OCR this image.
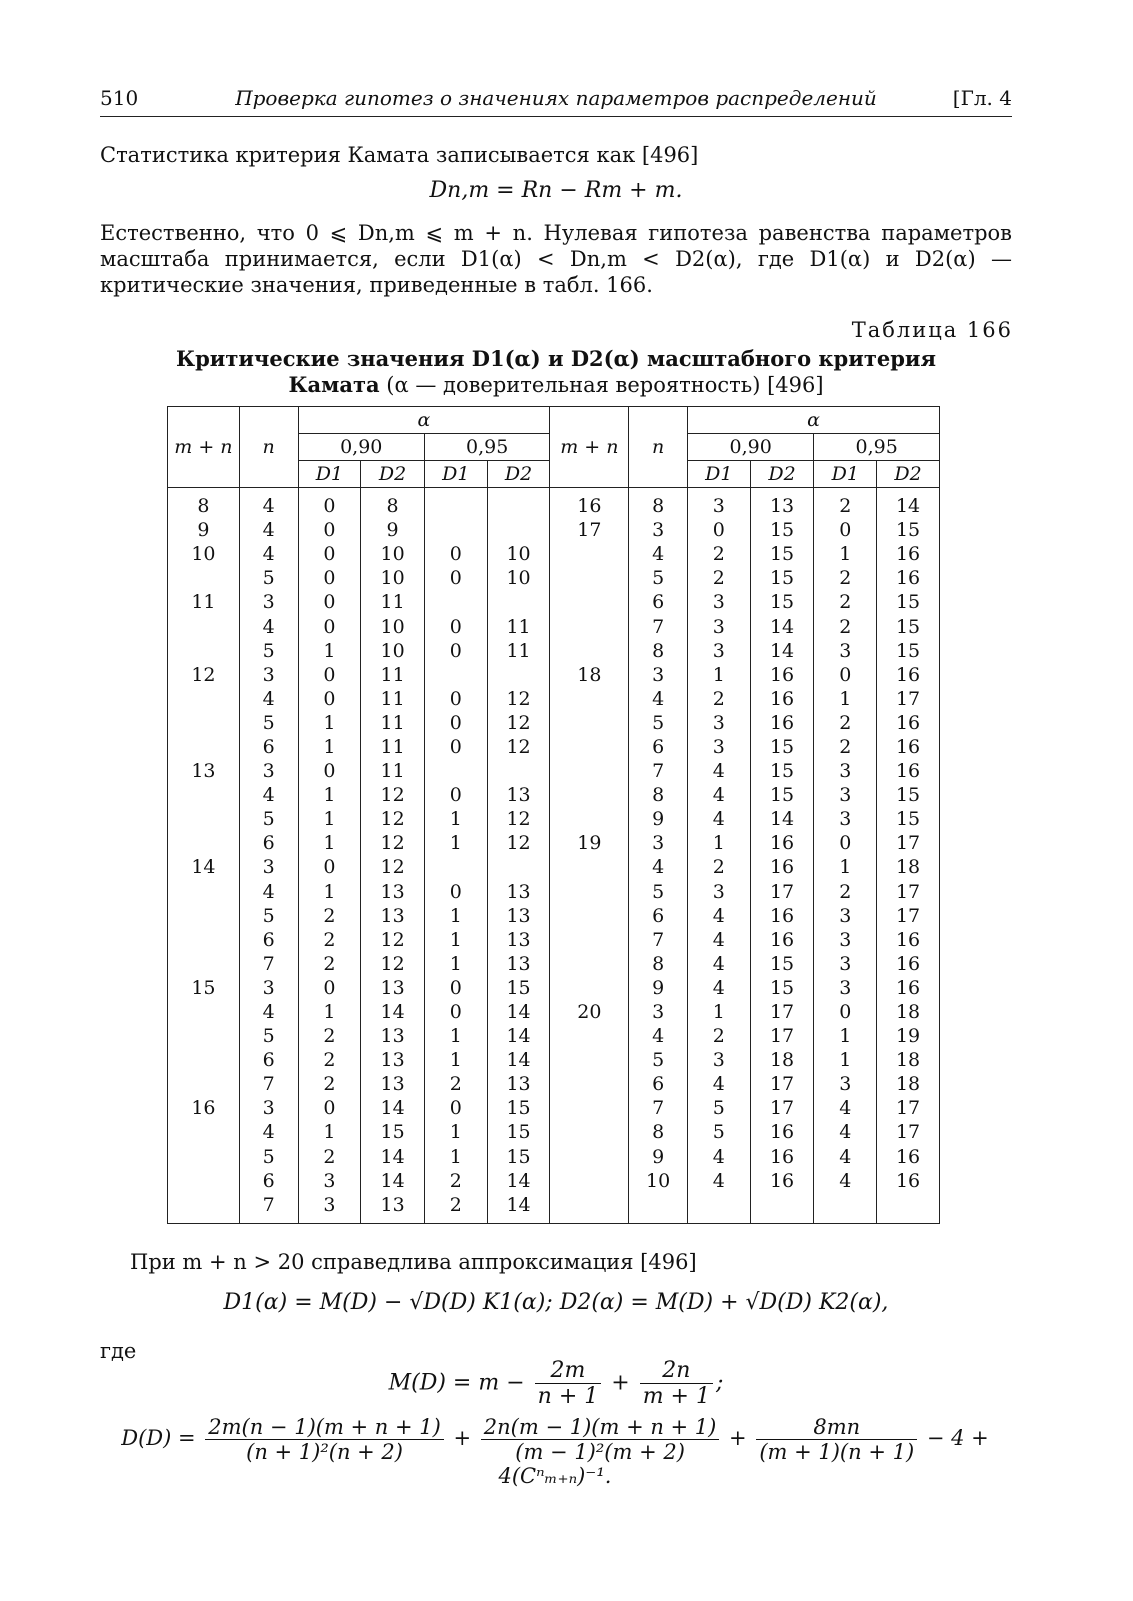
510	Проверка гипотез о значениях параметров распределений	[Гл. 4
Статистика критерия Камата записывается как [496]
Dn,m = Rn − Rm + m.
Естественно, что 0 ⩽ Dn,m ⩽ m + n. Нулевая гипотеза равенства параметров масштаба принимается, если D1(α) < Dn,m < D2(α), где D1(α) и D2(α) — критические значения, приведенные в табл. 166.
Таблица 166
Критические значения D1(α) и D2(α) масштабного критерия
Камата (α — доверительная вероятность) [496]
m + n	n	α				m + n	n	α			
		0,90		0,95				0,90		0,95	
		D1	D2	D1	D2			D1	D2	D1	D2
8	4	0	8			16	8	3	13	2	14
9	4	0	9			17	3	0	15	0	15
10	4	0	10	0	10		4	2	15	1	16
	5	0	10	0	10		5	2	15	2	16
11	3	0	11				6	3	15	2	15
	4	0	10	0	11		7	3	14	2	15
	5	1	10	0	11		8	3	14	3	15
12	3	0	11			18	3	1	16	0	16
	4	0	11	0	12		4	2	16	1	17
	5	1	11	0	12		5	3	16	2	16
	6	1	11	0	12		6	3	15	2	16
13	3	0	11				7	4	15	3	16
	4	1	12	0	13		8	4	15	3	15
	5	1	12	1	12		9	4	14	3	15
	6	1	12	1	12	19	3	1	16	0	17
14	3	0	12				4	2	16	1	18
	4	1	13	0	13		5	3	17	2	17
	5	2	13	1	13		6	4	16	3	17
	6	2	12	1	13		7	4	16	3	16
	7	2	12	1	13		8	4	15	3	16
15	3	0	13	0	15		9	4	15	3	16
	4	1	14	0	14	20	3	1	17	0	18
	5	2	13	1	14		4	2	17	1	19
	6	2	13	1	14		5	3	18	1	18
	7	2	13	2	13		6	4	17	3	18
16	3	0	14	0	15		7	5	17	4	17
	4	1	15	1	15		8	5	16	4	17
	5	2	14	1	15		9	4	16	4	16
	6	3	14	2	14		10	4	16	4	16
	7	3	13	2	14						
При m + n > 20 справедлива аппроксимация [496]
D1(α) = M(D) − √D(D) K1(α); D2(α) = M(D) + √D(D) K2(α),
где
$M(D) = m - \frac{2m}{n + 1} + \frac{2n}{m + 1}$ ;
$D(D) = \frac{2m(n - 1)(m + n + 1)}{\text{(n + 1)²(n + 2)}} + \frac{2n(m - 1)(m + n + 1)}{\text{(m − 1)²(m + 2)}} + \frac{8mn}{(m + 1)(n + 1)} - 4 + 4(C^n_{m+n})^{-1}$.
